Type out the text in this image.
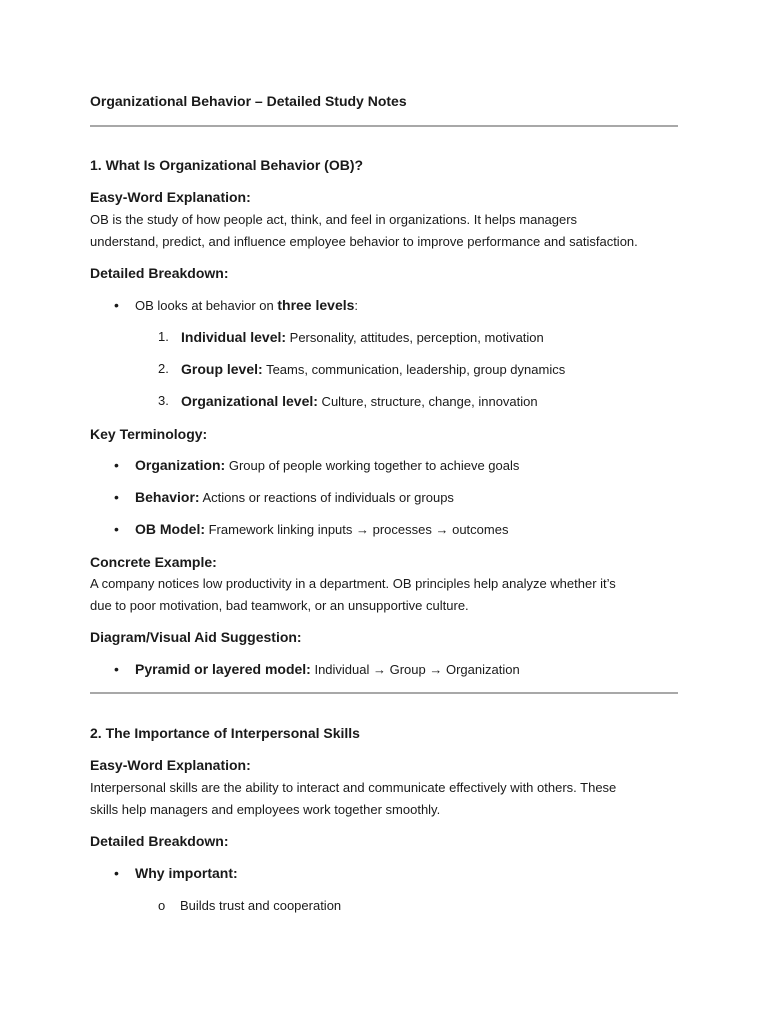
Organizational Behavior – Detailed Study Notes
1. What Is Organizational Behavior (OB)?
Easy-Word Explanation:
OB is the study of how people act, think, and feel in organizations. It helps managers
understand, predict, and influence employee behavior to improve performance and satisfaction.
Detailed Breakdown:
• OB looks at behavior on three levels:
1. Individual level: Personality, attitudes, perception, motivation
2. Group level: Teams, communication, leadership, group dynamics
3. Organizational level: Culture, structure, change, innovation
Key Terminology:
• Organization: Group of people working together to achieve goals
• Behavior: Actions or reactions of individuals or groups
• OB Model: Framework linking inputs → processes → outcomes
Concrete Example:
A company notices low productivity in a department. OB principles help analyze whether it’s
due to poor motivation, bad teamwork, or an unsupportive culture.
Diagram/Visual Aid Suggestion:
• Pyramid or layered model: Individual → Group → Organization
2. The Importance of Interpersonal Skills
Easy-Word Explanation:
Interpersonal skills are the ability to interact and communicate effectively with others. These
skills help managers and employees work together smoothly.
Detailed Breakdown:
• Why important:
o Builds trust and cooperation
